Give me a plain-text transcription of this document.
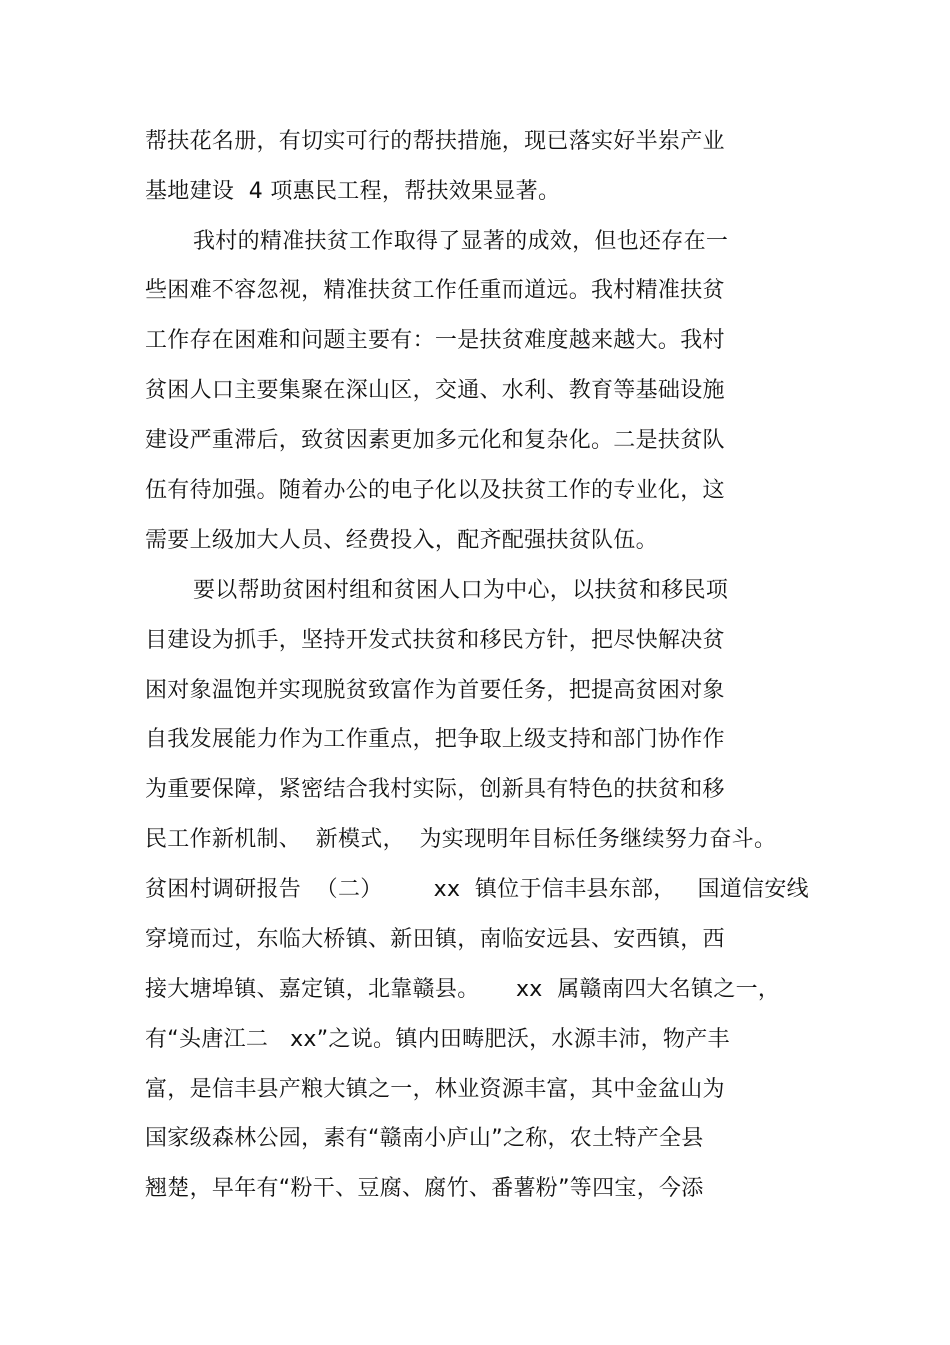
帮扶花名册，有切实可行的帮扶措施，现已落实好半岽产业
基地建设  4 项惠民工程，帮扶效果显著。
我村的精准扶贫工作取得了显著的成效，但也还存在一
些困难不容忽视，精准扶贫工作任重而道远。我村精准扶贫
工作存在困难和问题主要有：一是扶贫难度越来越大。我村
贫困人口主要集聚在深山区，交通、水利、教育等基础设施
建设严重滞后，致贫因素更加多元化和复杂化。二是扶贫队
伍有待加强。随着办公的电子化以及扶贫工作的专业化，这
需要上级加大人员、经费投入，配齐配强扶贫队伍。
要以帮助贫困村组和贫困人口为中心，以扶贫和移民项
目建设为抓手，坚持开发式扶贫和移民方针，把尽快解决贫
困对象温饱并实现脱贫致富作为首要任务，把提高贫困对象
自我发展能力作为工作重点，把争取上级支持和部门协作作
为重要保障，紧密结合我村实际，创新具有特色的扶贫和移
民工作新机制、  新模式，  为实现明年目标任务继续努力奋斗。
贫困村调研报告  （二）       xx  镇位于信丰县东部，   国道信安线
穿境而过，东临大桥镇、新田镇，南临安远县、安西镇，西
接大塘埠镇、嘉定镇，北靠赣县。     xx  属赣南四大名镇之一，
有“头唐江二   xx”之说。镇内田畴肥沃，水源丰沛，物产丰
富，是信丰县产粮大镇之一，林业资源丰富，其中金盆山为
国家级森林公园，素有“赣南小庐山”之称，农土特产全县
翘楚，早年有“粉干、豆腐、腐竹、番薯粉”等四宝，今添
